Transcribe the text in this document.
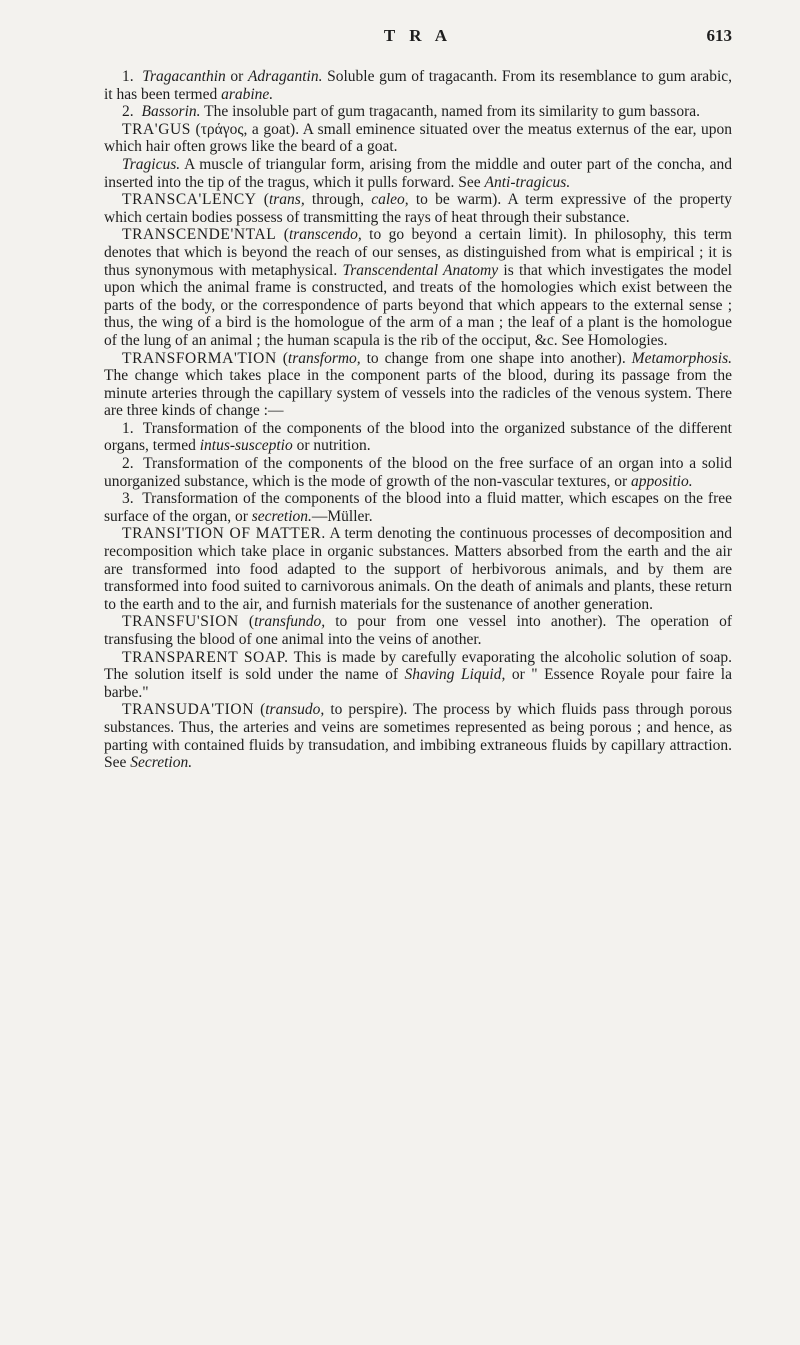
T R A	613

1. Tragacanthin or Adragantin. Soluble gum of tragacanth. From its resemblance to gum arabic, it has been termed arabine.

2. Bassorin. The insoluble part of gum tragacanth, named from its similarity to gum bassora.

TRA'GUS (τράγος, a goat). A small eminence situated over the meatus externus of the ear, upon which hair often grows like the beard of a goat.

Tragicus. A muscle of triangular form, arising from the middle and outer part of the concha, and inserted into the tip of the tragus, which it pulls forward. See Anti-tragicus.

TRANSCA'LENCY (trans, through, caleo, to be warm). A term expressive of the property which certain bodies possess of transmitting the rays of heat through their substance.

TRANSCENDE'NTAL (transcendo, to go beyond a certain limit). In philosophy, this term denotes that which is beyond the reach of our senses, as distinguished from what is empirical ; it is thus synonymous with metaphysical. Transcendental Anatomy is that which investigates the model upon which the animal frame is constructed, and treats of the homologies which exist between the parts of the body, or the correspondence of parts beyond that which appears to the external sense ; thus, the wing of a bird is the homologue of the arm of a man ; the leaf of a plant is the homologue of the lung of an animal ; the human scapula is the rib of the occiput, &c. See Homologies.

TRANSFORMA'TION (transformo, to change from one shape into another). Metamorphosis. The change which takes place in the component parts of the blood, during its passage from the minute arteries through the capillary system of vessels into the radicles of the venous system. There are three kinds of change :—

1. Transformation of the components of the blood into the organized substance of the different organs, termed intus-susceptio or nutrition.

2. Transformation of the components of the blood on the free surface of an organ into a solid unorganized substance, which is the mode of growth of the non-vascular textures, or appositio.

3. Transformation of the components of the blood into a fluid matter, which escapes on the free surface of the organ, or secretion.—Müller.

TRANSI'TION OF MATTER. A term denoting the continuous processes of decomposition and recomposition which take place in organic substances. Matters absorbed from the earth and the air are transformed into food adapted to the support of herbivorous animals, and by them are transformed into food suited to carnivorous animals. On the death of animals and plants, these return to the earth and to the air, and furnish materials for the sustenance of another generation.

TRANSFU'SION (transfundo, to pour from one vessel into another). The operation of transfusing the blood of one animal into the veins of another.

TRANSPARENT SOAP. This is made by carefully evaporating the alcoholic solution of soap. The solution itself is sold under the name of Shaving Liquid, or " Essence Royale pour faire la barbe."

TRANSUDA'TION (transudo, to perspire). The process by which fluids pass through porous substances. Thus, the arteries and veins are sometimes represented as being porous ; and hence, as parting with contained fluids by transudation, and imbibing extraneous fluids by capillary attraction. See Secretion.
